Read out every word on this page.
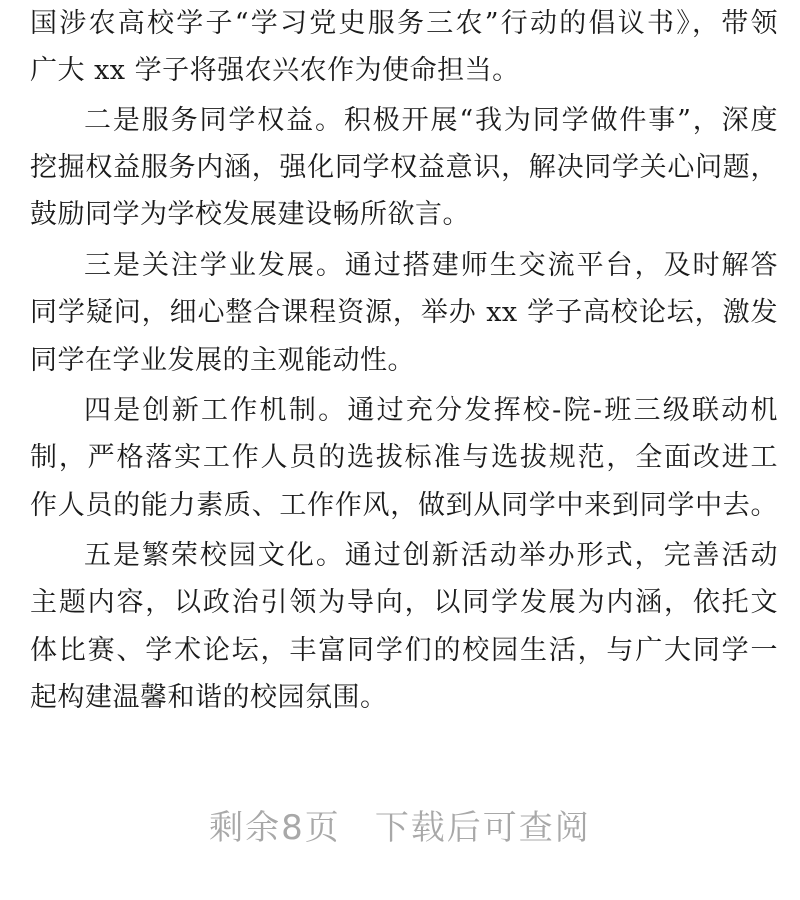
国涉农高校学子“学习党史服务三农”行动的倡议书》，带领
广大 xx 学子将强农兴农作为使命担当。
二是服务同学权益。积极开展“我为同学做件事”，深度
挖掘权益服务内涵，强化同学权益意识，解决同学关心问题，
鼓励同学为学校发展建设畅所欲言。
三是关注学业发展。通过搭建师生交流平台，及时解答
同学疑问，细心整合课程资源，举办 xx 学子高校论坛，激发
同学在学业发展的主观能动性。
四是创新工作机制。通过充分发挥校-院-班三级联动机
制，严格落实工作人员的选拔标准与选拔规范，全面改进工
作人员的能力素质、工作作风，做到从同学中来到同学中去。
五是繁荣校园文化。通过创新活动举办形式，完善活动
主题内容，以政治引领为导向，以同学发展为内涵，依托文
体比赛、学术论坛，丰富同学们的校园生活，与广大同学一
起构建温馨和谐的校园氛围。
剩余8页 下载后可查阅
